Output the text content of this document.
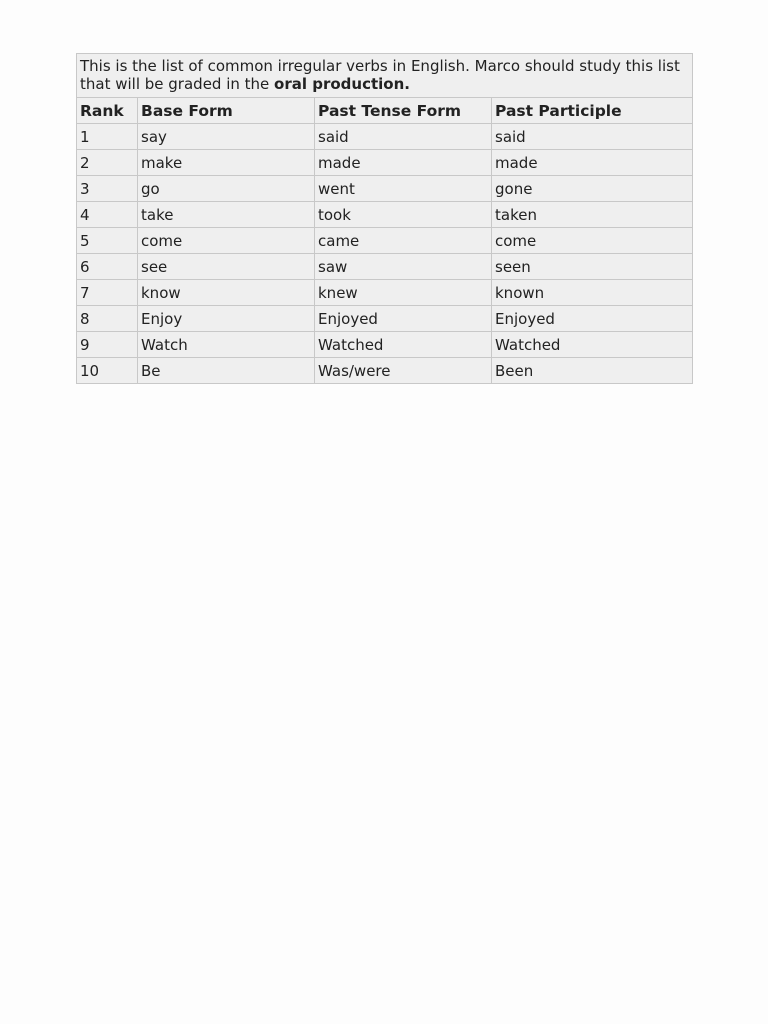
This is the list of common irregular verbs in English. Marco should study this list that will be graded in the oral production.			
Rank	Base Form	Past Tense Form	Past Participle
1	say	said	said
2	make	made	made
3	go	went	gone
4	take	took	taken
5	come	came	come
6	see	saw	seen
7	know	knew	known
8	Enjoy	Enjoyed	Enjoyed
9	Watch	Watched	Watched
10	Be	Was/were	Been
